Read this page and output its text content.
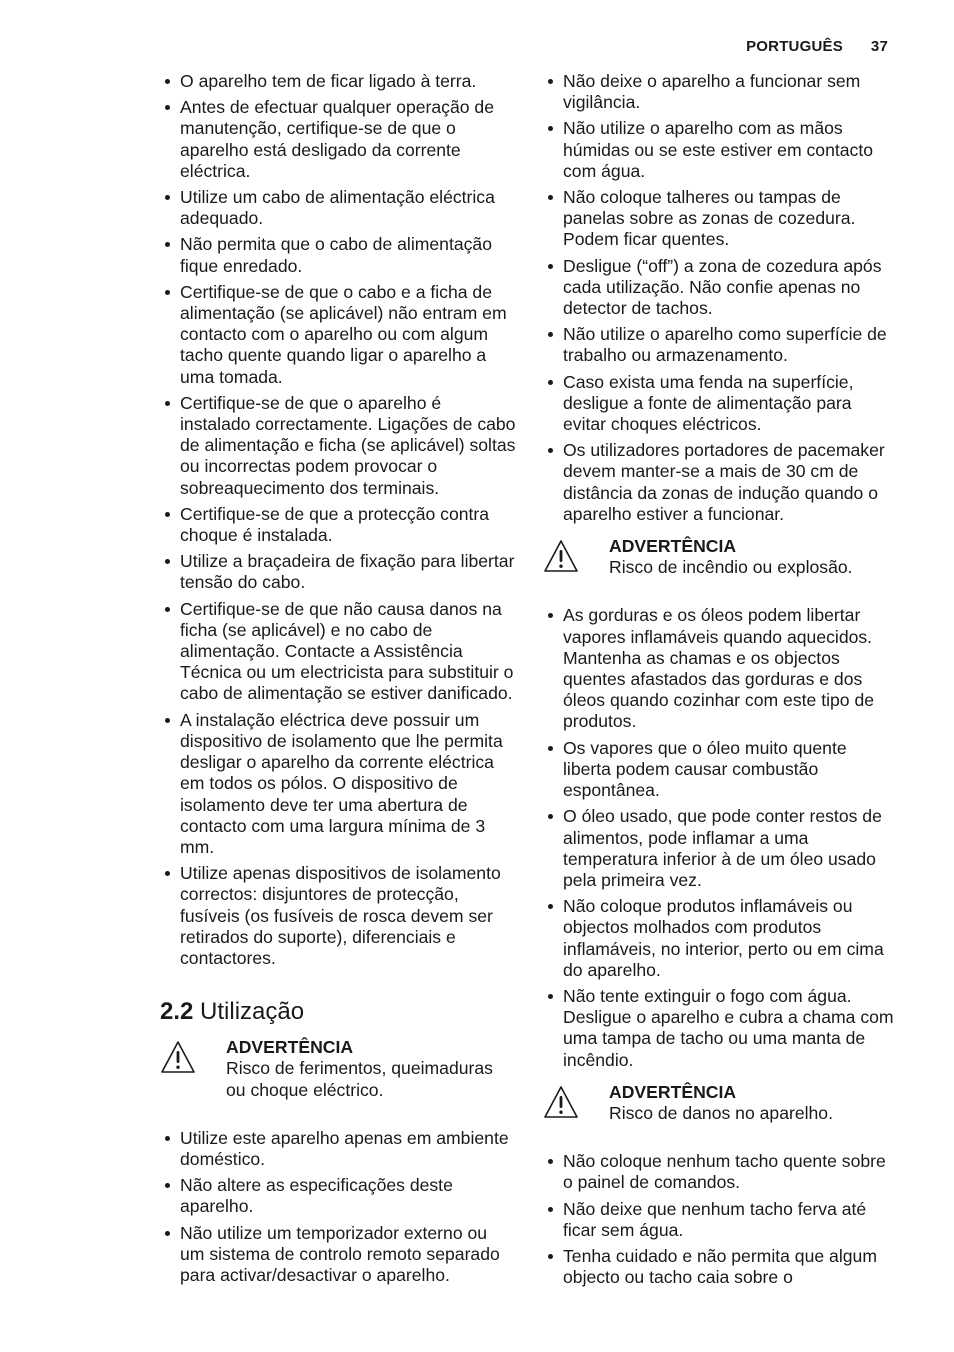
PORTUGUÊS 37
O aparelho tem de ficar ligado à terra.
Antes de efectuar qualquer operação de manutenção, certifique-se de que o aparelho está desligado da corrente eléctrica.
Utilize um cabo de alimentação eléctrica adequado.
Não permita que o cabo de alimentação fique enredado.
Certifique-se de que o cabo e a ficha de alimentação (se aplicável) não entram em contacto com o aparelho ou com algum tacho quente quando ligar o aparelho a uma tomada.
Certifique-se de que o aparelho é instalado correctamente. Ligações de cabo de alimentação e ficha (se aplicável) soltas ou incorrectas podem provocar o sobreaquecimento dos terminais.
Certifique-se de que a protecção contra choque é instalada.
Utilize a braçadeira de fixação para libertar tensão do cabo.
Certifique-se de que não causa danos na ficha (se aplicável) e no cabo de alimentação. Contacte a Assistência Técnica ou um electricista para substituir o cabo de alimentação se estiver danificado.
A instalação eléctrica deve possuir um dispositivo de isolamento que lhe permita desligar o aparelho da corrente eléctrica em todos os pólos. O dispositivo de isolamento deve ter uma abertura de contacto com uma largura mínima de 3 mm.
Utilize apenas dispositivos de isolamento correctos: disjuntores de protecção, fusíveis (os fusíveis de rosca devem ser retirados do suporte), diferenciais e contactores.
2.2 Utilização
ADVERTÊNCIA
Risco de ferimentos, queimaduras ou choque eléctrico.
Utilize este aparelho apenas em ambiente doméstico.
Não altere as especificações deste aparelho.
Não utilize um temporizador externo ou um sistema de controlo remoto separado para activar/desactivar o aparelho.
Não deixe o aparelho a funcionar sem vigilância.
Não utilize o aparelho com as mãos húmidas ou se este estiver em contacto com água.
Não coloque talheres ou tampas de panelas sobre as zonas de cozedura. Podem ficar quentes.
Desligue (“off”) a zona de cozedura após cada utilização. Não confie apenas no detector de tachos.
Não utilize o aparelho como superfície de trabalho ou armazenamento.
Caso exista uma fenda na superfície, desligue a fonte de alimentação para evitar choques eléctricos.
Os utilizadores portadores de pacemaker devem manter-se a mais de 30 cm de distância da zonas de indução quando o aparelho estiver a funcionar.
ADVERTÊNCIA
Risco de incêndio ou explosão.
As gorduras e os óleos podem libertar vapores inflamáveis quando aquecidos. Mantenha as chamas e os objectos quentes afastados das gorduras e dos óleos quando cozinhar com este tipo de produtos.
Os vapores que o óleo muito quente liberta podem causar combustão espontânea.
O óleo usado, que pode conter restos de alimentos, pode inflamar a uma temperatura inferior à de um óleo usado pela primeira vez.
Não coloque produtos inflamáveis ou objectos molhados com produtos inflamáveis, no interior, perto ou em cima do aparelho.
Não tente extinguir o fogo com água. Desligue o aparelho e cubra a chama com uma tampa de tacho ou uma manta de incêndio.
ADVERTÊNCIA
Risco de danos no aparelho.
Não coloque nenhum tacho quente sobre o painel de comandos.
Não deixe que nenhum tacho ferva até ficar sem água.
Tenha cuidado e não permita que algum objecto ou tacho caia sobre o
